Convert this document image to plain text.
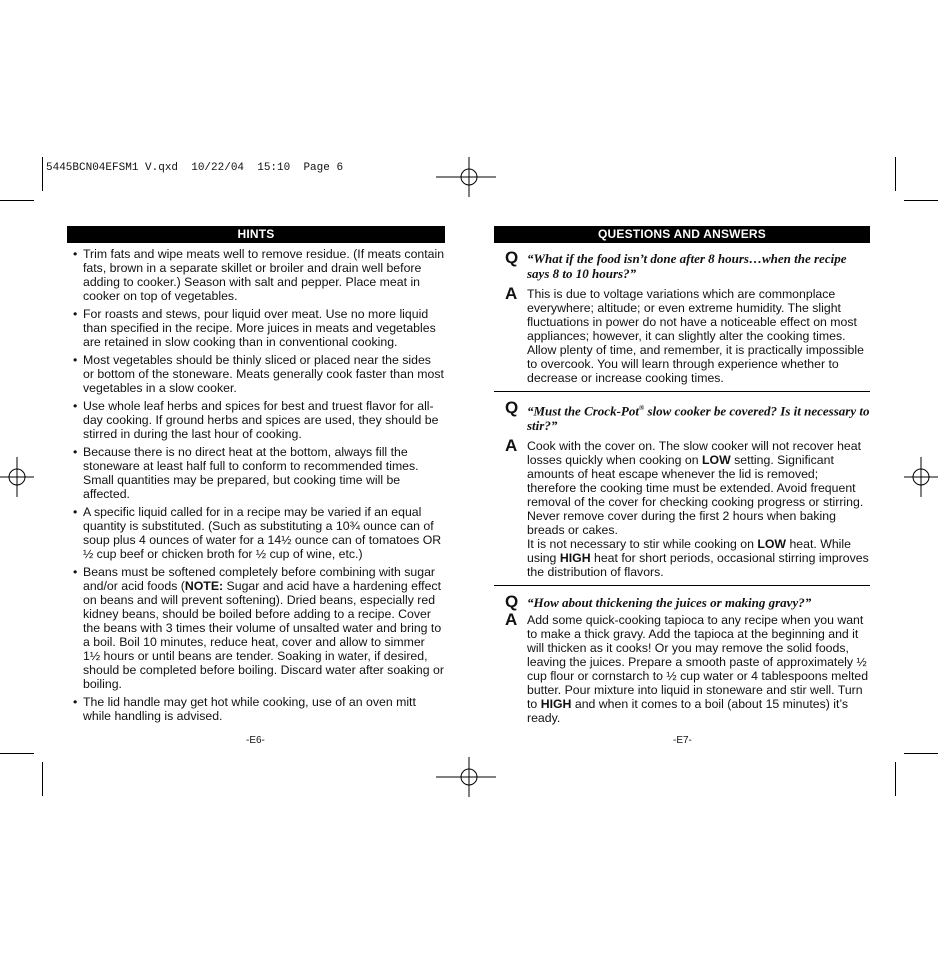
5445BCN04EFSM1 V.qxd  10/22/04  15:10  Page 6
HINTS
• Trim fats and wipe meats well to remove residue. (If meats contain fats, brown in a separate skillet or broiler and drain well before adding to cooker.) Season with salt and pepper. Place meat in cooker on top of vegetables.
• For roasts and stews, pour liquid over meat. Use no more liquid than specified in the recipe. More juices in meats and vegetables are retained in slow cooking than in conventional cooking.
• Most vegetables should be thinly sliced or placed near the sides or bottom of the stoneware. Meats generally cook faster than most vegetables in a slow cooker.
• Use whole leaf herbs and spices for best and truest flavor for all-day cooking. If ground herbs and spices are used, they should be stirred in during the last hour of cooking.
• Because there is no direct heat at the bottom, always fill the stoneware at least half full to conform to recommended times. Small quantities may be prepared, but cooking time will be affected.
• A specific liquid called for in a recipe may be varied if an equal quantity is substituted. (Such as substituting a 10¾ ounce can of soup plus 4 ounces of water for a 14½ ounce can of tomatoes OR ½ cup beef or chicken broth for ½ cup of wine, etc.)
• Beans must be softened completely before combining with sugar and/or acid foods (NOTE: Sugar and acid have a hardening effect on beans and will prevent softening). Dried beans, especially red kidney beans, should be boiled before adding to a recipe. Cover the beans with 3 times their volume of unsalted water and bring to a boil. Boil 10 minutes, reduce heat, cover and allow to simmer 1½ hours or until beans are tender. Soaking in water, if desired, should be completed before boiling. Discard water after soaking or boiling.
• The lid handle may get hot while cooking, use of an oven mitt while handling is advised.
-E6-
QUESTIONS AND ANSWERS
Q “What if the food isn’t done after 8 hours…when the recipe says 8 to 10 hours?”
A This is due to voltage variations which are commonplace everywhere; altitude; or even extreme humidity. The slight fluctuations in power do not have a noticeable effect on most appliances; however, it can slightly alter the cooking times. Allow plenty of time, and remember, it is practically impossible to overcook. You will learn through experience whether to decrease or increase cooking times.
Q “Must the Crock-Pot® slow cooker be covered? Is it necessary to stir?”
A Cook with the cover on. The slow cooker will not recover heat losses quickly when cooking on LOW setting. Significant amounts of heat escape whenever the lid is removed; therefore the cooking time must be extended. Avoid frequent removal of the cover for checking cooking progress or stirring. Never remove cover during the first 2 hours when baking breads or cakes.
It is not necessary to stir while cooking on LOW heat. While using HIGH heat for short periods, occasional stirring improves the distribution of flavors.
Q “How about thickening the juices or making gravy?”
A Add some quick-cooking tapioca to any recipe when you want to make a thick gravy. Add the tapioca at the beginning and it will thicken as it cooks! Or you may remove the solid foods, leaving the juices. Prepare a smooth paste of approximately ½ cup flour or cornstarch to ½ cup water or 4 tablespoons melted butter. Pour mixture into liquid in stoneware and stir well. Turn to HIGH and when it comes to a boil (about 15 minutes) it’s ready.
-E7-
